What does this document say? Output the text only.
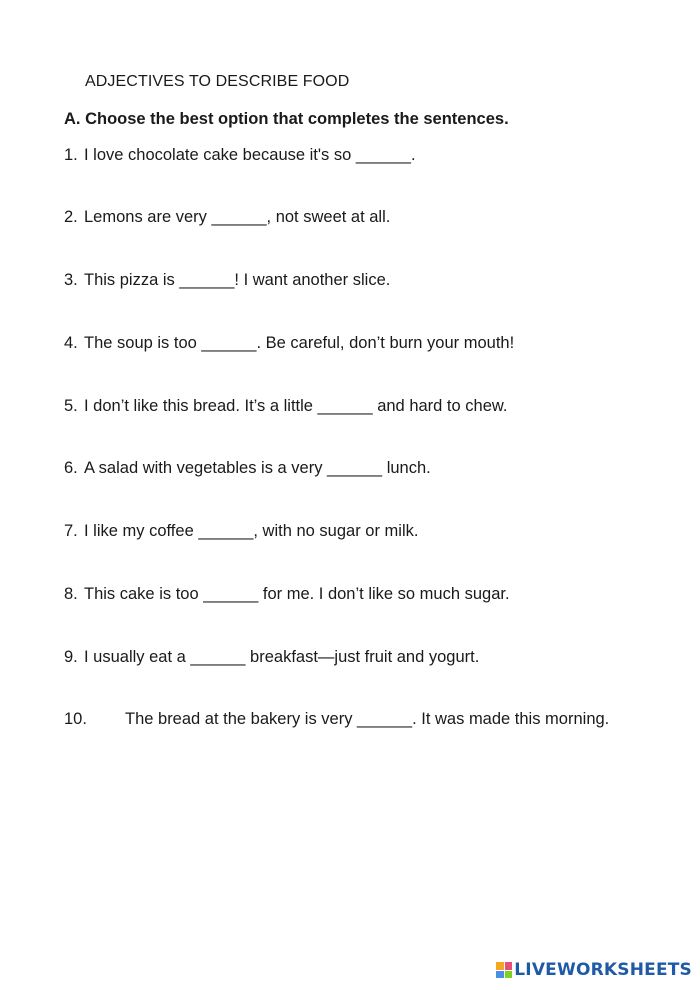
ADJECTIVES TO DESCRIBE FOOD
A. Choose the best option that completes the sentences.
1. I love chocolate cake because it's so ______.
2. Lemons are very ______, not sweet at all.
3. This pizza is ______! I want another slice.
4. The soup is too ______. Be careful, don’t burn your mouth!
5. I don’t like this bread. It’s a little ______ and hard to chew.
6. A salad with vegetables is a very ______ lunch.
7. I like my coffee ______, with no sugar or milk.
8. This cake is too ______ for me. I don’t like so much sugar.
9. I usually eat a ______ breakfast—just fruit and yogurt.
10. The bread at the bakery is very ______. It was made this morning.
LIVEWORKSHEETS
